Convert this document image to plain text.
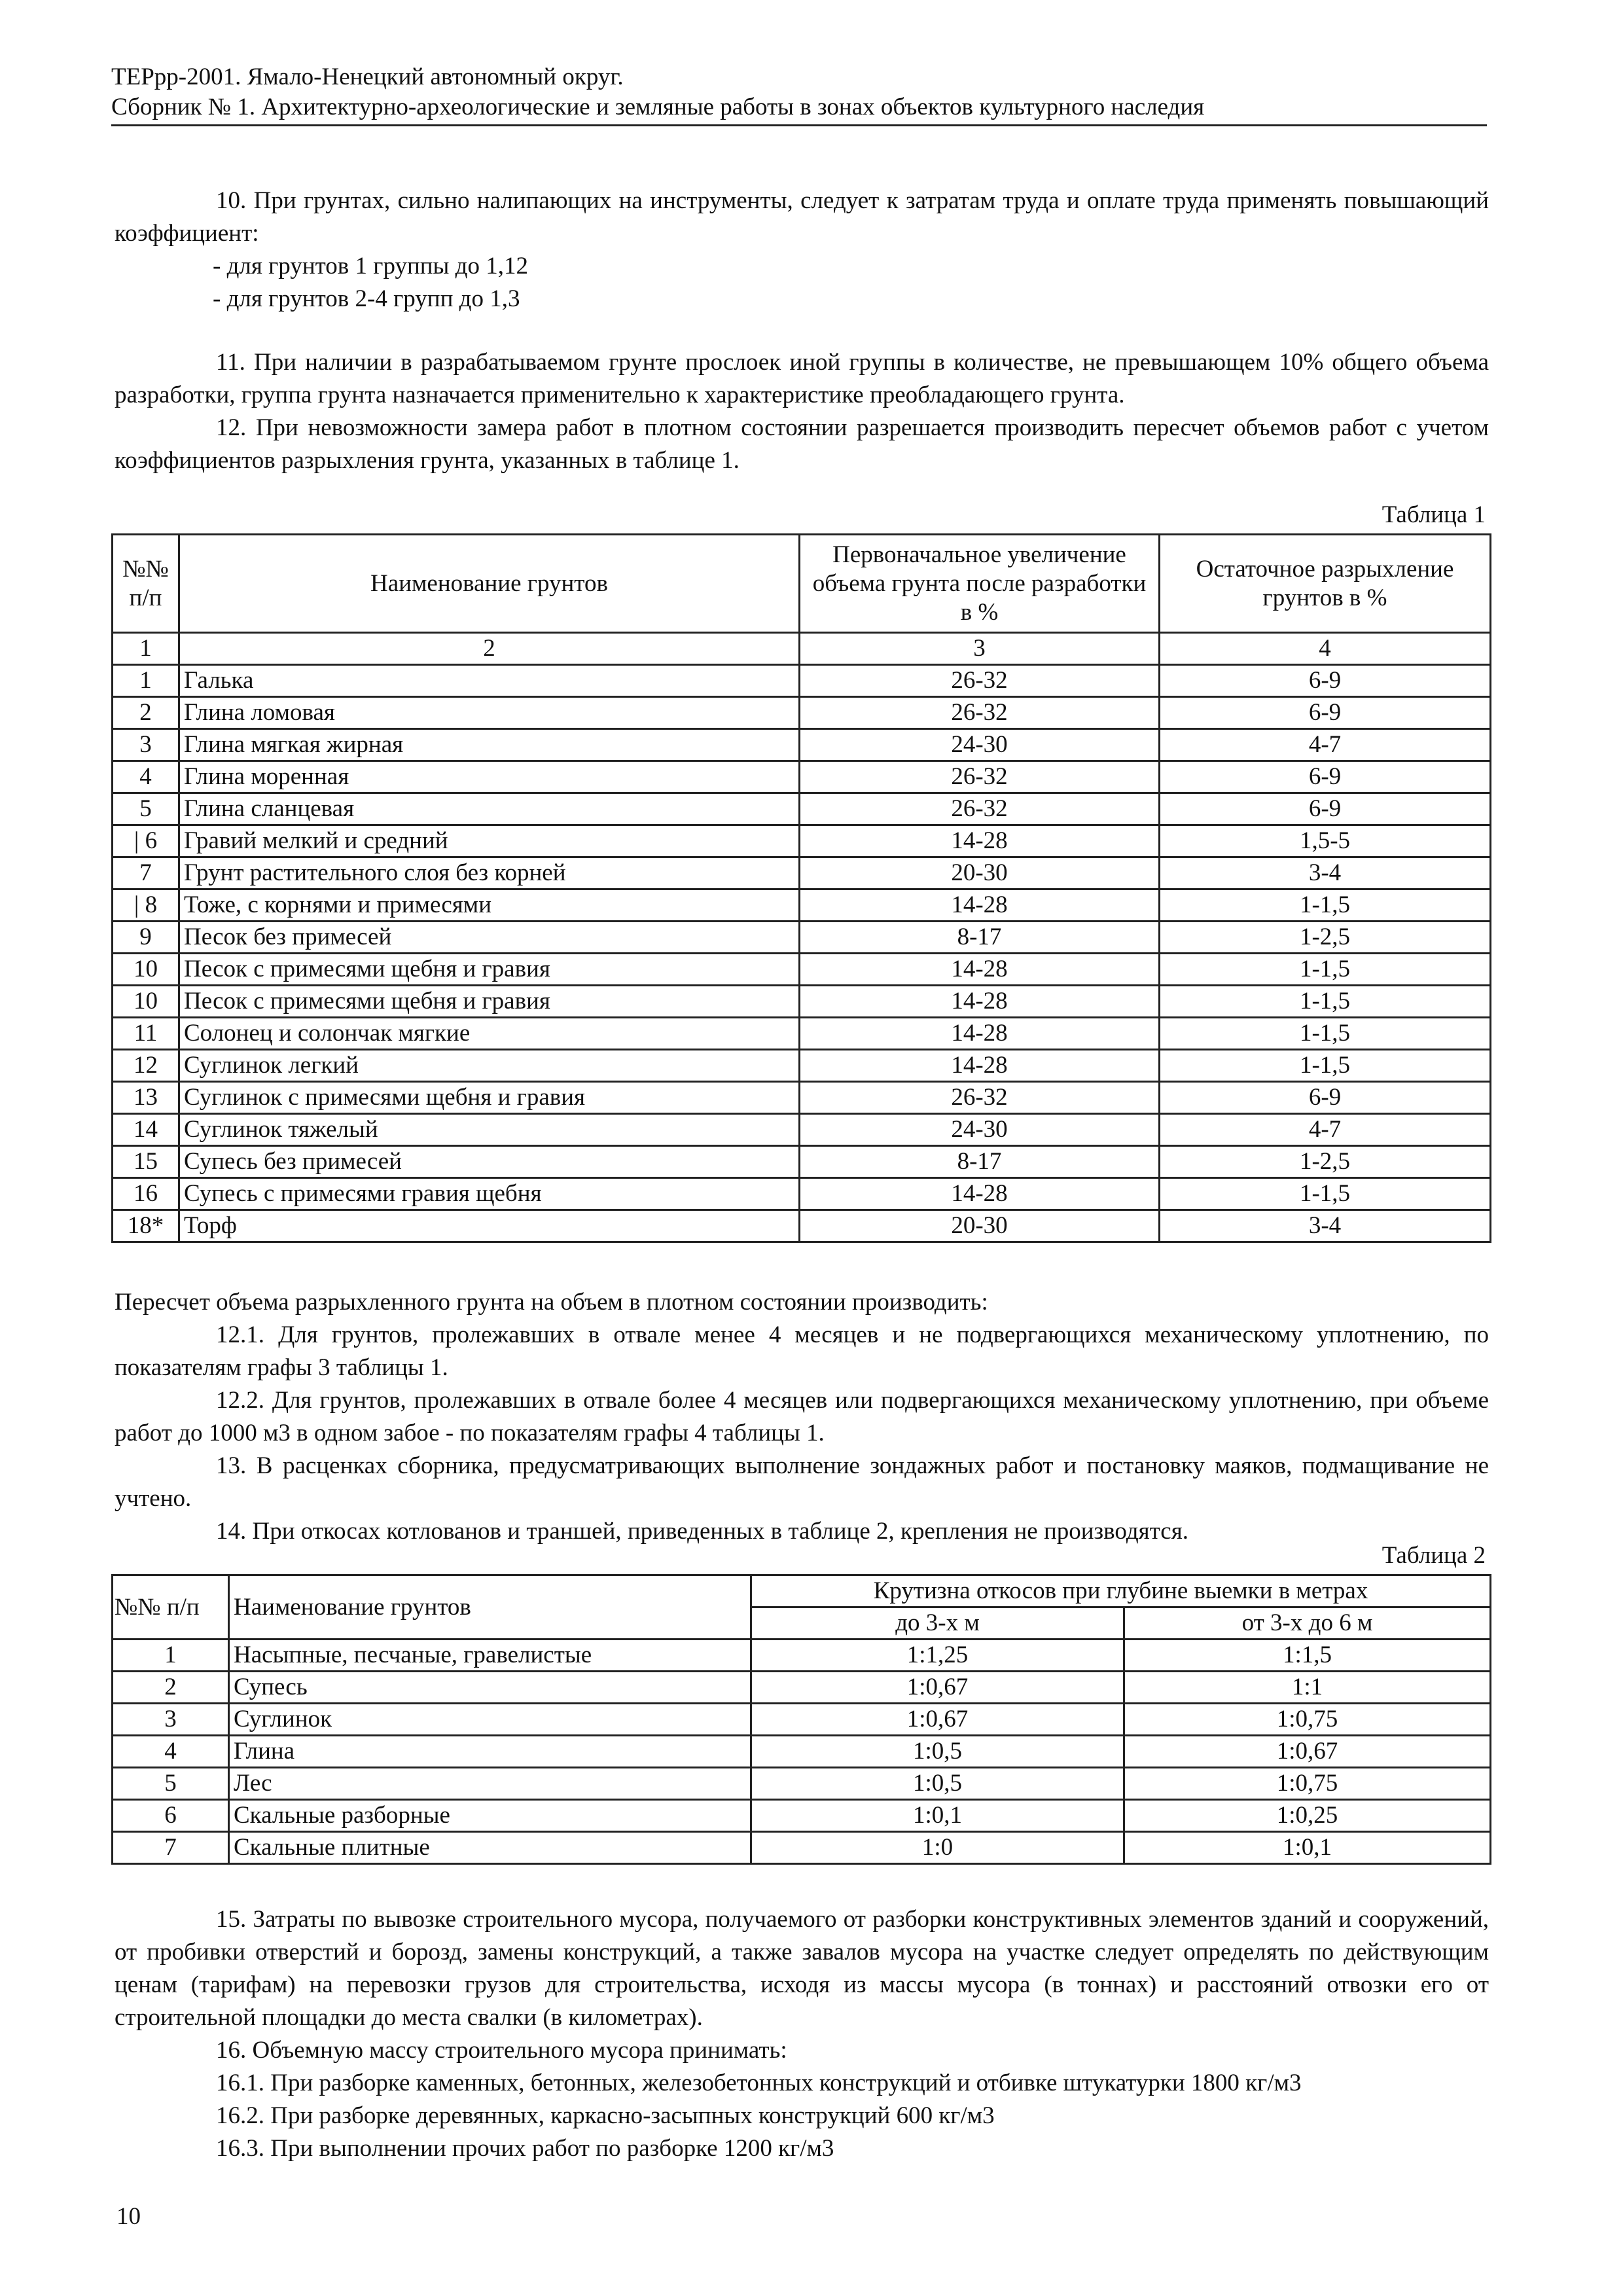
ТЕРрр-2001. Ямало-Ненецкий автономный округ.
Сборник № 1. Архитектурно-археологические и земляные работы в зонах объектов культурного наследия

10. При грунтах, сильно налипающих на инструменты, следует к затратам труда и оплате труда применять повышающий коэффициент:

- для грунтов 1 группы до 1,12

- для грунтов 2-4 групп до 1,3

11. При наличии в разрабатываемом грунте прослоек иной группы в количестве, не превышающем 10% общего объема разработки, группа грунта назначается применительно к характеристике преобладающего грунта.

12. При невозможности замера работ в плотном состоянии разрешается производить пересчет объемов работ с учетом коэффициентов разрыхления грунта, указанных в таблице 1.

Таблица 1
№№ п/п	Наименование грунтов	Первоначальное увеличение объема грунта после разработки в %	Остаточное разрыхление грунтов в %
1	2	3	4
1	Галька	26-32	6-9
2	Глина ломовая	26-32	6-9
3	Глина мягкая жирная	24-30	4-7
4	Глина моренная	26-32	6-9
5	Глина сланцевая	26-32	6-9
| 6	Гравий мелкий и средний	14-28	1,5-5
7	Грунт растительного слоя без корней	20-30	3-4
| 8	Тоже, с корнями и примесями	14-28	1-1,5
9	Песок без примесей	8-17	1-2,5
10	Песок с примесями щебня и гравия	14-28	1-1,5
10	Песок с примесями щебня и гравия	14-28	1-1,5
11	Солонец и солончак мягкие	14-28	1-1,5
12	Суглинок легкий	14-28	1-1,5
13	Суглинок с примесями щебня и гравия	26-32	6-9
14	Суглинок тяжелый	24-30	4-7
15	Супесь без примесей	8-17	1-2,5
16	Супесь с примесями гравия щебня	14-28	1-1,5
18*	Торф	20-30	3-4

Пересчет объема разрыхленного грунта на объем в плотном состоянии производить:

12.1. Для грунтов, пролежавших в отвале менее 4 месяцев и не подвергающихся механическому уплотнению, по показателям графы 3 таблицы 1.

12.2. Для грунтов, пролежавших в отвале более 4 месяцев или подвергающихся механическому уплотнению, при объеме работ до 1000 м3 в одном забое - по показателям графы 4 таблицы 1.

13. В расценках сборника, предусматривающих выполнение зондажных работ и постановку маяков, подмащивание не учтено.

14. При откосах котлованов и траншей, приведенных в таблице 2, крепления не производятся.

Таблица 2
№№ п/п	Наименование грунтов	Крутизна откосов при глубине выемки в метрах	
		до 3-х м	от 3-х до 6 м
1	Насыпные, песчаные, гравелистые	1:1,25	1:1,5
2	Супесь	1:0,67	1:1
3	Суглинок	1:0,67	1:0,75
4	Глина	1:0,5	1:0,67
5	Лес	1:0,5	1:0,75
6	Скальные разборные	1:0,1	1:0,25
7	Скальные плитные	1:0	1:0,1

15. Затраты по вывозке строительного мусора, получаемого от разборки конструктивных элементов зданий и сооружений, от пробивки отверстий и борозд, замены конструкций, а также завалов мусора на участке следует определять по действующим ценам (тарифам) на перевозки грузов для строительства, исходя из массы мусора (в тоннах) и расстояний отвозки его от строительной площадки до места свалки (в километрах).

16. Объемную массу строительного мусора принимать:

16.1. При разборке каменных, бетонных, железобетонных конструкций и отбивке штукатурки 1800 кг/м3

16.2. При разборке деревянных, каркасно-засыпных конструкций 600 кг/м3

16.3. При выполнении прочих работ по разборке 1200 кг/м3

10
